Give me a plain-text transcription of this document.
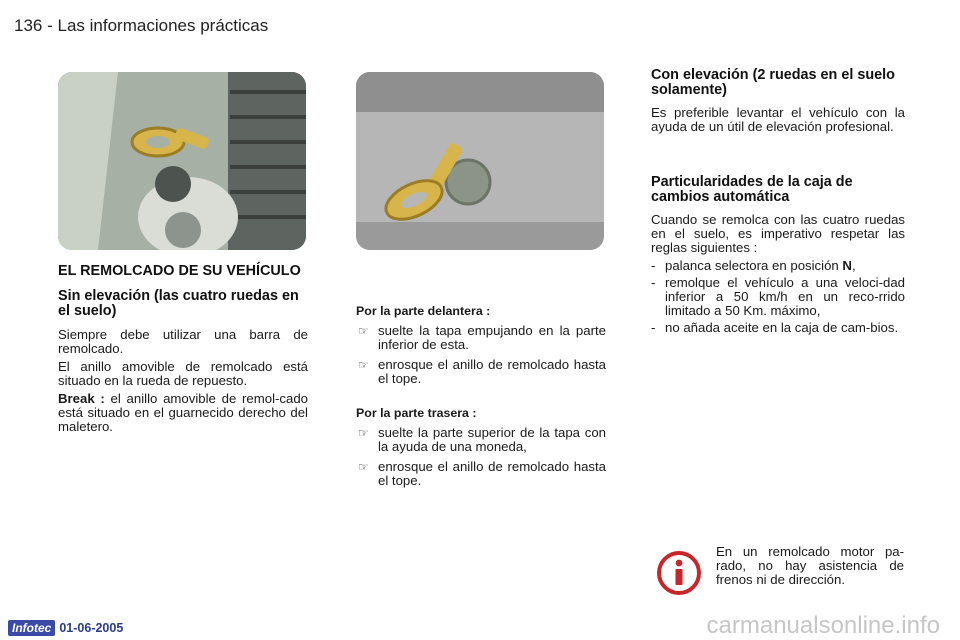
136 - Las informaciones prácticas
EL REMOLCADO DE SU VEHÍCULO
Sin elevación (las cuatro ruedas en el suelo)

Siempre debe utilizar una barra de remolcado.

El anillo amovible de remolcado está situado en la rueda de repuesto.

Break : el anillo amovible de remol-cado está situado en el guarnecido derecho del maletero.

Por la parte delantera :

☞ suelte la tapa empujando en la parte inferior de esta.
☞ enrosque el anillo de remolcado hasta el tope.

Por la parte trasera :

☞ suelte la parte superior de la tapa con la ayuda de una moneda,
☞ enrosque el anillo de remolcado hasta el tope.
Con elevación (2 ruedas en el suelo solamente)

Es preferible levantar el vehículo con la ayuda de un útil de elevación profesional.

Particularidades de la caja de cambios automática

Cuando se remolca con las cuatro ruedas en el suelo, es imperativo respetar las reglas siguientes :

- palanca selectora en posición N,
- remolque el vehículo a una veloci-dad inferior a 50 km/h en un reco-rrido limitado a 50 Km. máximo,
- no añada aceite en la caja de cam-bios.

En un remolcado motor pa-rado, no hay asistencia de frenos ni de dirección.

Infotec 01-06-2005	carmanualsonline.info
